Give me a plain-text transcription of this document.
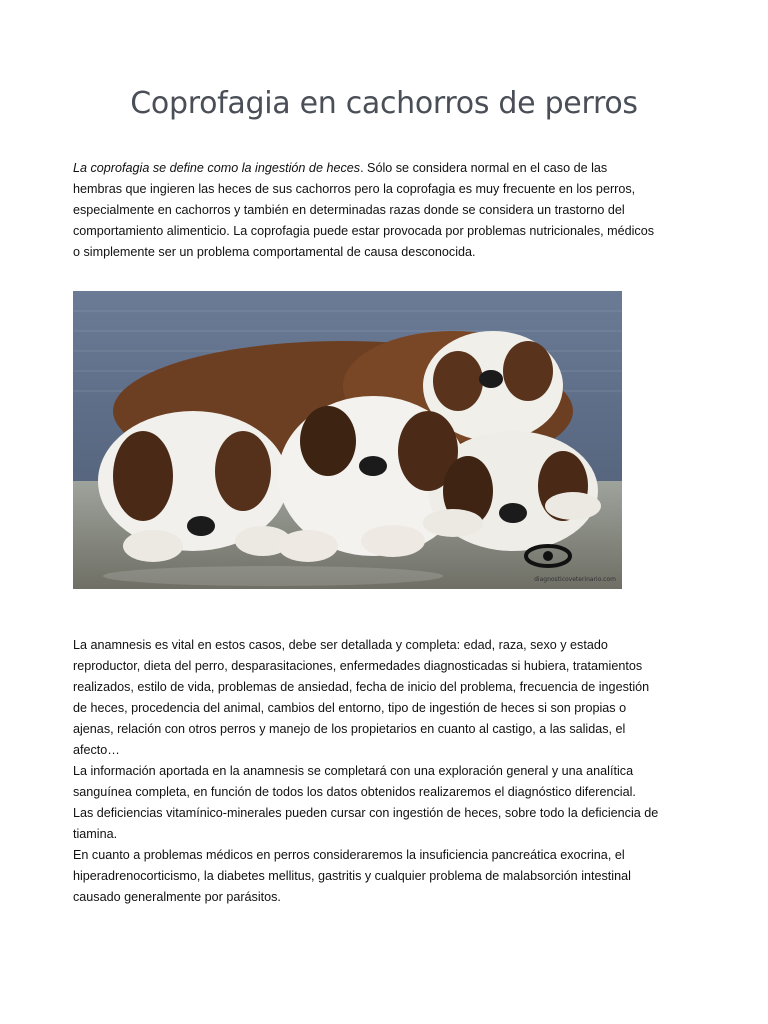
Coprofagia en cachorros de perros

La coprofagia se define como la ingestión de heces. Sólo se considera normal en el caso de las hembras que ingieren las heces de sus cachorros pero la coprofagia es muy frecuente en los perros, especialmente en cachorros y también en determinadas razas donde se considera un trastorno del comportamiento alimenticio. La coprofagia puede estar provocada por problemas nutricionales, médicos o simplemente ser un problema comportamental de causa desconocida.

diagnosticoveterinario.com
La anamnesis es vital en estos casos, debe ser detallada y completa: edad, raza, sexo y estado reproductor, dieta del perro, desparasitaciones, enfermedades diagnosticadas si hubiera, tratamientos realizados, estilo de vida, problemas de ansiedad, fecha de inicio del problema, frecuencia de ingestión de heces, procedencia del animal, cambios del entorno, tipo de ingestión de heces si son propias o ajenas, relación con otros perros y manejo de los propietarios en cuanto al castigo, a las salidas, el afecto…
La información aportada en la anamnesis se completará con una exploración general y una analítica sanguínea completa, en función de todos los datos obtenidos realizaremos el diagnóstico diferencial. Las deficiencias vitamínico-minerales pueden cursar con ingestión de heces, sobre todo la deficiencia de tiamina.
En cuanto a problemas médicos en perros consideraremos la insuficiencia pancreática exocrina, el hiperadrenocorticismo, la diabetes mellitus, gastritis y cualquier problema de malabsorción intestinal causado generalmente por parásitos.
